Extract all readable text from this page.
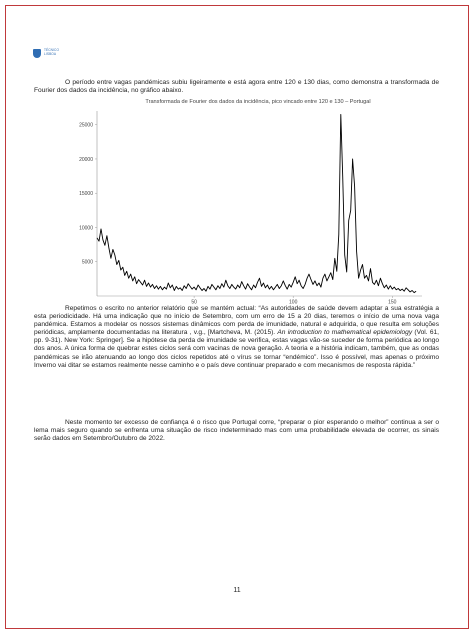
TÉCNICO
LISBOA
O período entre vagas pandémicas subiu ligeiramente e está agora entre 120 e 130 dias, como demonstra a transformada de Fourier dos dados da incidência, no gráfico abaixo.
Transformada de Fourier dos dados da incidência, pico vincado entre 120 e 130 – Portugal
50	100	150
5000
10000
15000
20000
25000
Repetimos o escrito no anterior relatório que se mantém actual: “As autoridades de saúde devem adaptar a sua estratégia a esta periodicidade. Há uma indicação que no início de Setembro, com um erro de 15 a 20 dias, teremos o início de uma nova vaga pandémica. Estamos a modelar os nossos sistemas dinâmicos com perda de imunidade, natural e adquirida, o que resulta em soluções periódicas, amplamente documentadas na literatura , v.g., [Martcheva, M. (2015). An introduction to mathematical epidemiology (Vol. 61, pp. 9-31). New York: Springer]. Se a hipótese da perda de imunidade se verifica, estas vagas vão-se suceder de forma periódica ao longo dos anos. A única forma de quebrar estes ciclos será com vacinas de nova geração. A teoria e a história indicam, também, que as ondas pandémicas se irão atenuando ao longo dos ciclos repetidos até o vírus se tornar “endémico”. Isso é possível, mas apenas o próximo Inverno vai ditar se estamos realmente nesse caminho e o país deve continuar preparado e com mecanismos de resposta rápida.”
Neste momento ter excesso de confiança é o risco que Portugal corre, “preparar o pior esperando o melhor” continua a ser o lema mais seguro quando se enfrenta uma situação de risco indeterminado mas com uma probabilidade elevada de ocorrer, os sinais serão dados em Setembro/Outubro de 2022.
11
